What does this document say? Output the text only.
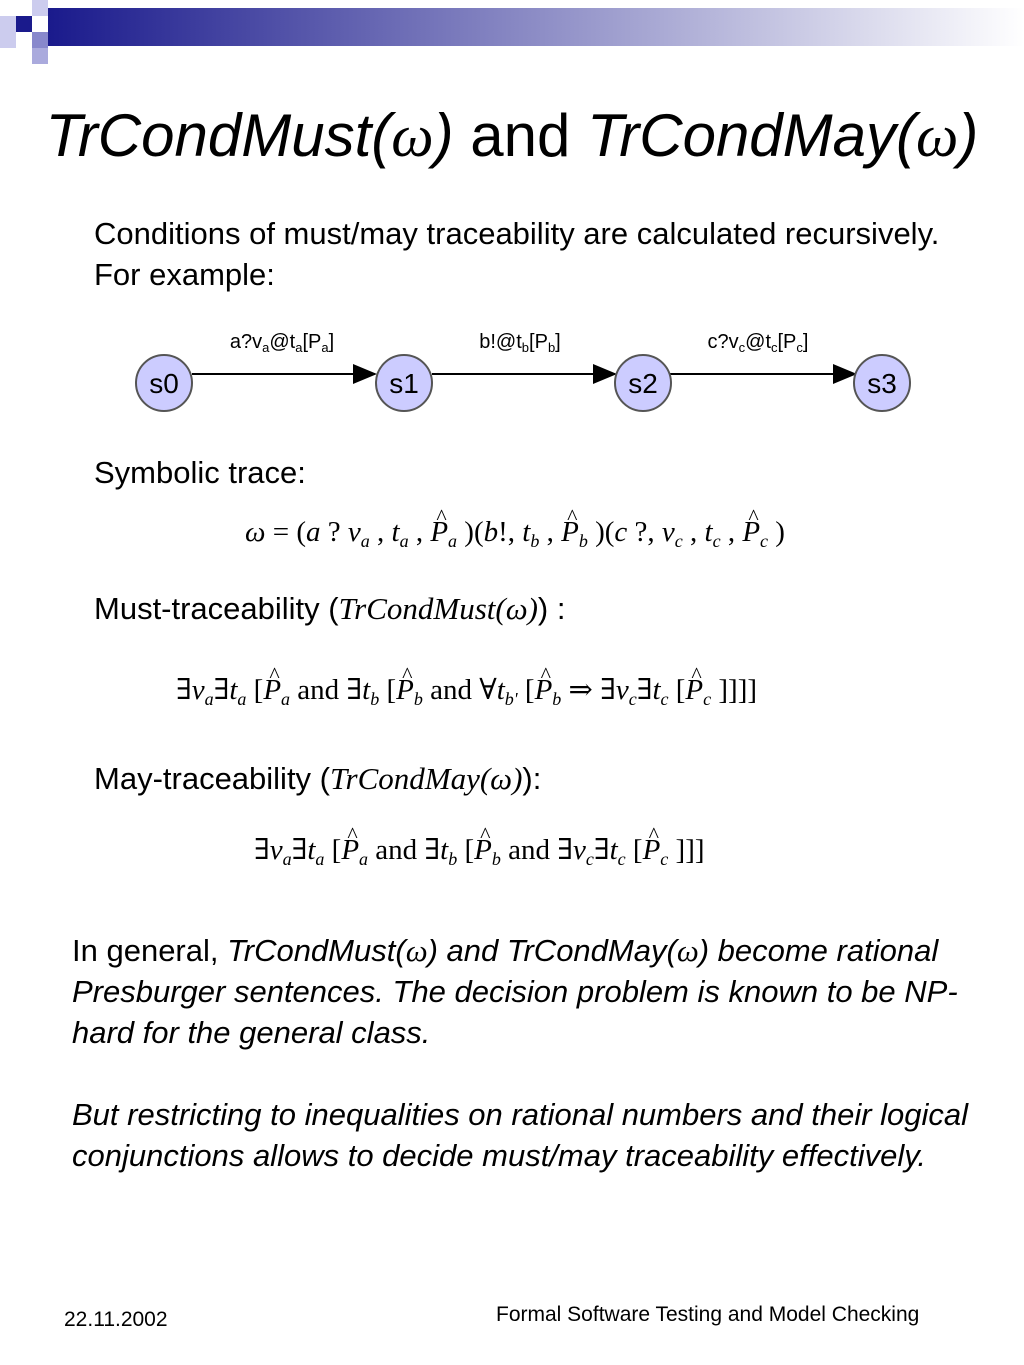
TrCondMust(ω) and TrCondMay(ω)
Conditions of must/may traceability are calculated recursively. For example:
s0	s1	s2	s3
$a?v_a@t_a[P_a]$	$b!@t_b[P_b]$	$c?v_c@t_c[P_c]$
Symbolic trace:
ω = (a ? $v_a$ , $t_a$ , ^ $P_a$ )(b!, $t_b$ , ^ $P_b$ )(c ?, $v_c$ , $t_c$ , ^ $P_c$ )
Must-traceability (TrCondMust(ω)) :
$\exists v_a\exists t_a$ [^ $P_a$ and $\exists t_b$ [^ $P_b$ and $\forall t_{b'}$ [^ $P_b$ ⇒ $\exists v_c\exists t_c$ [^ $P_c$ ]]]]
May-traceability (TrCondMay(ω)):
$\exists v_a\exists t_a$ [^ $P_a$ and $\exists t_b$ [^ $P_b$ and $\exists v_c\exists t_c$ [^ $P_c$ ]]]
In general, TrCondMust(ω) and TrCondMay(ω) become rational Presburger sentences. The decision problem is known to be NP-hard for the general class.
But restricting to inequalities on rational numbers and their logical conjunctions allows to decide must/may traceability effectively.
22.11.2002	Formal Software Testing and Model Checking
